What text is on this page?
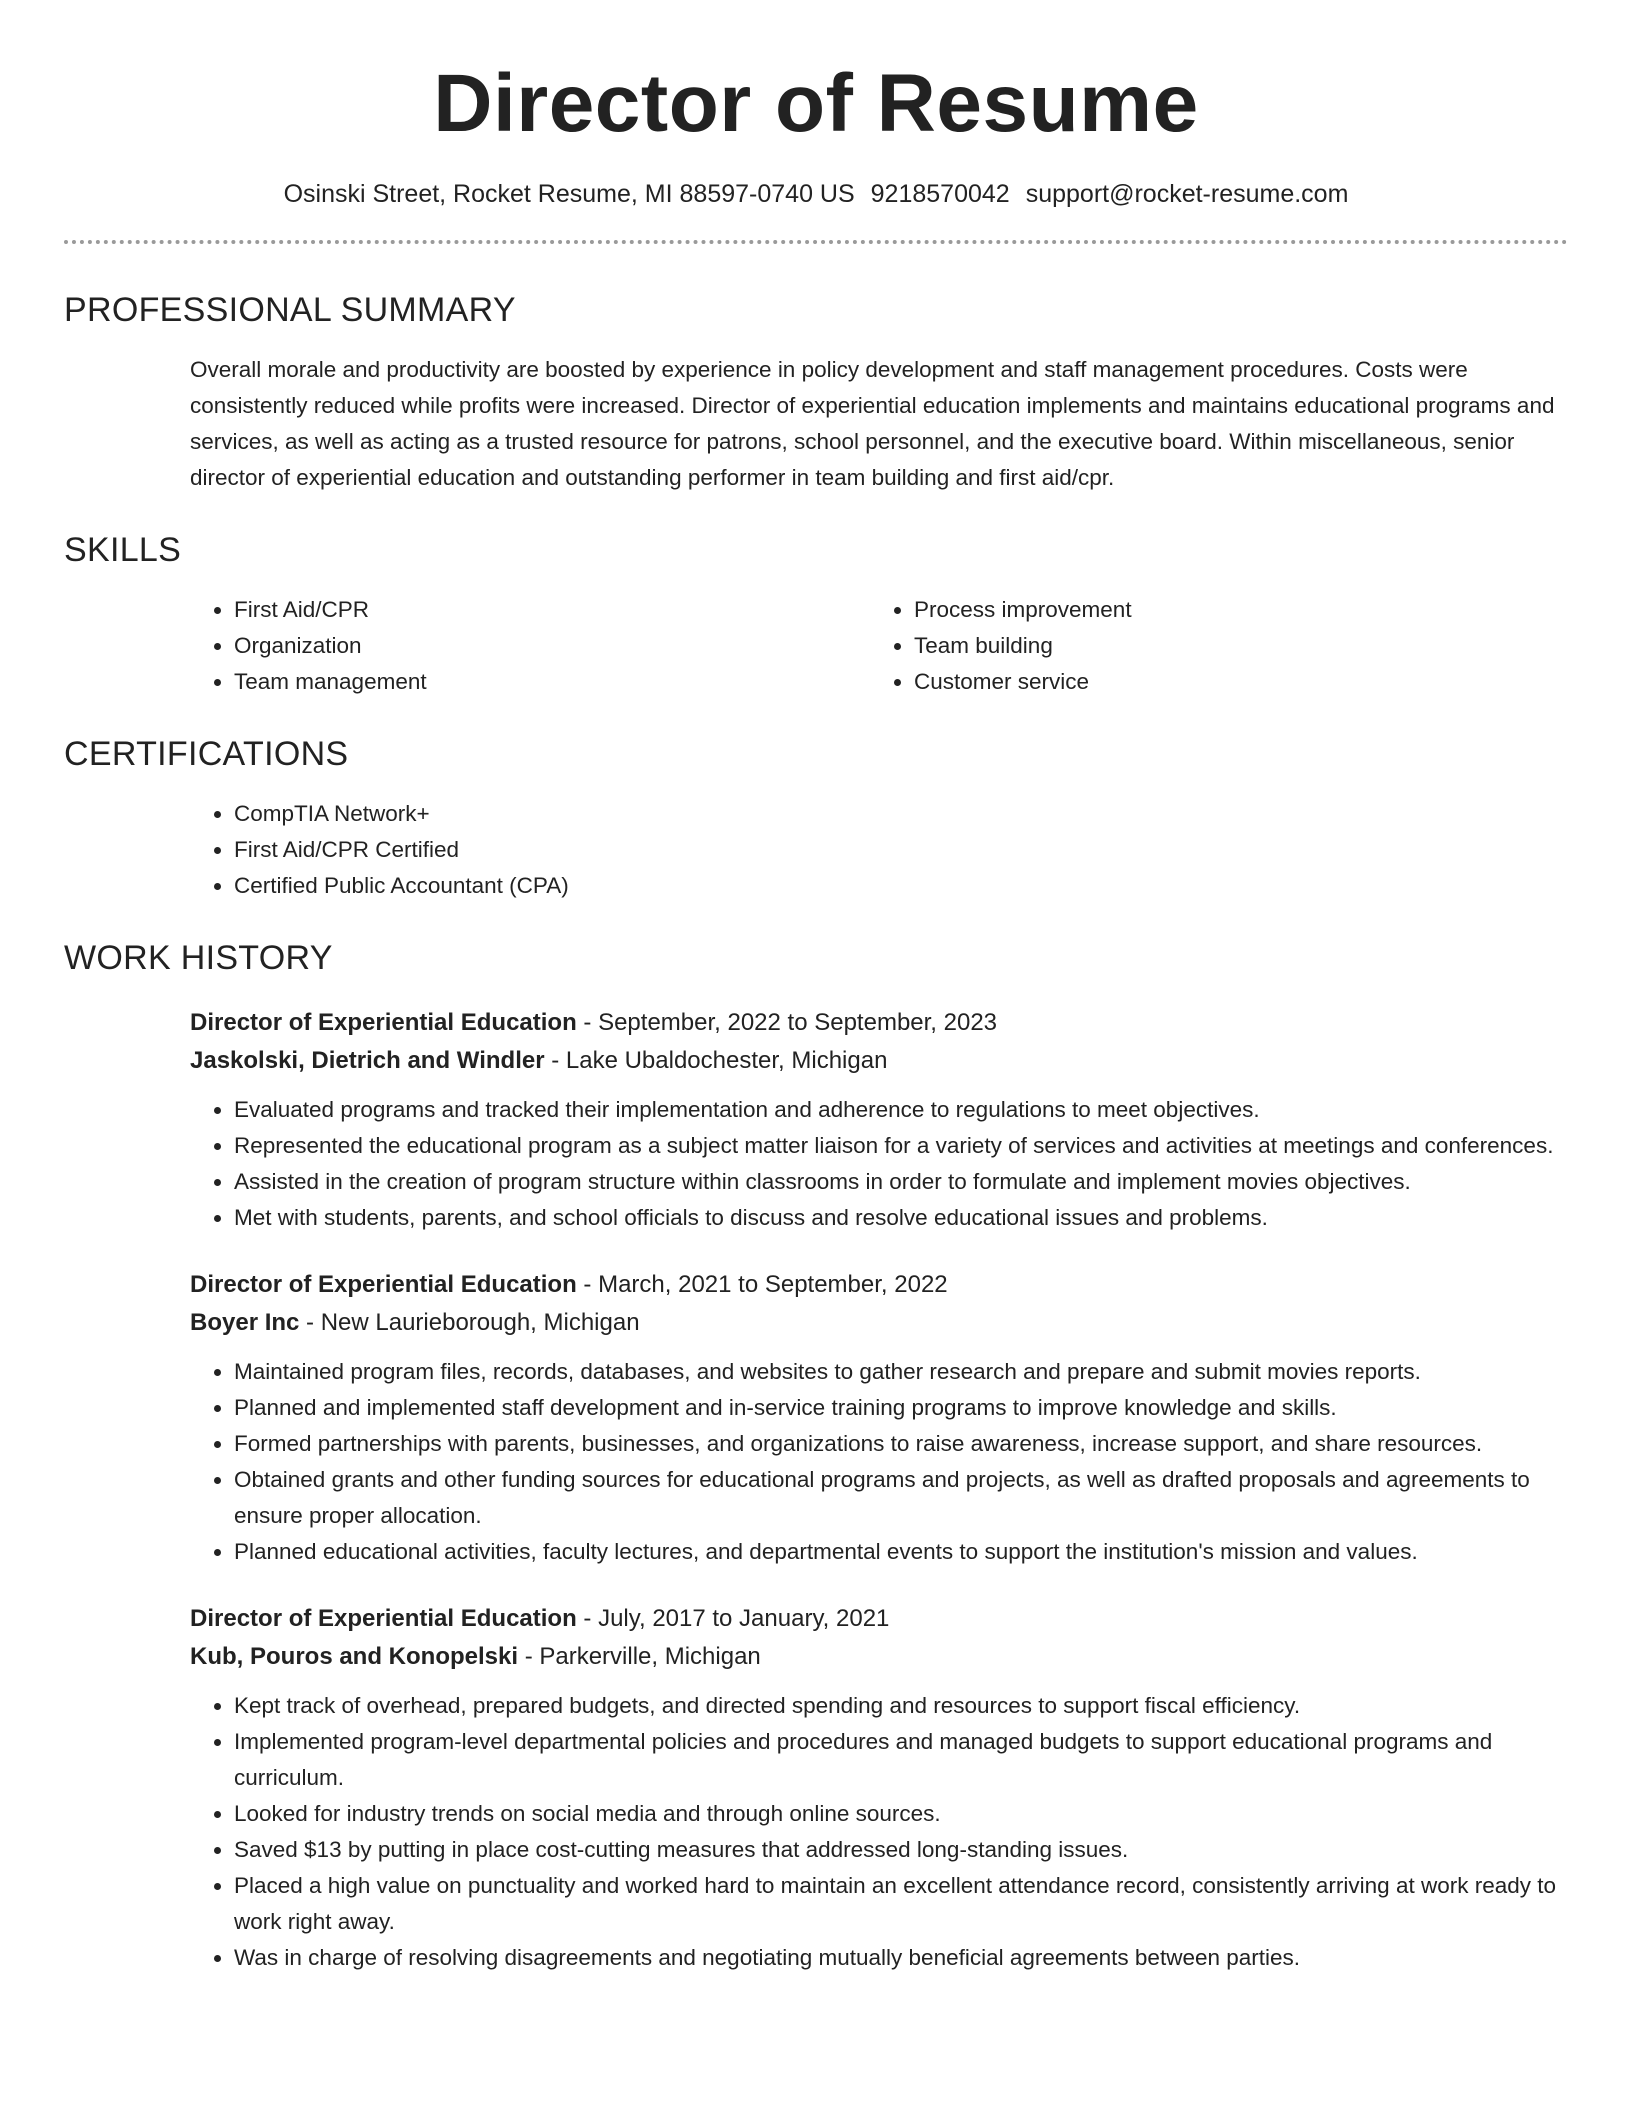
Director of Resume
Osinski Street, Rocket Resume, MI 88597-0740 US 9218570042 support@rocket-resume.com
PROFESSIONAL SUMMARY
Overall morale and productivity are boosted by experience in policy development and staff management procedures. Costs were consistently reduced while profits were increased. Director of experiential education implements and maintains educational programs and services, as well as acting as a trusted resource for patrons, school personnel, and the executive board. Within miscellaneous, senior director of experiential education and outstanding performer in team building and first aid/cpr.
SKILLS
• First Aid/CPR
• Organization
• Team management
• Process improvement
• Team building
• Customer service
CERTIFICATIONS
• CompTIA Network+
• First Aid/CPR Certified
• Certified Public Accountant (CPA)
WORK HISTORY
Director of Experiential Education - September, 2022 to September, 2023
Jaskolski, Dietrich and Windler - Lake Ubaldochester, Michigan
• Evaluated programs and tracked their implementation and adherence to regulations to meet objectives.
• Represented the educational program as a subject matter liaison for a variety of services and activities at meetings and conferences.
• Assisted in the creation of program structure within classrooms in order to formulate and implement movies objectives.
• Met with students, parents, and school officials to discuss and resolve educational issues and problems.
Director of Experiential Education - March, 2021 to September, 2022
Boyer Inc - New Laurieborough, Michigan
• Maintained program files, records, databases, and websites to gather research and prepare and submit movies reports.
• Planned and implemented staff development and in-service training programs to improve knowledge and skills.
• Formed partnerships with parents, businesses, and organizations to raise awareness, increase support, and share resources.
• Obtained grants and other funding sources for educational programs and projects, as well as drafted proposals and agreements to ensure proper allocation.
• Planned educational activities, faculty lectures, and departmental events to support the institution's mission and values.
Director of Experiential Education - July, 2017 to January, 2021
Kub, Pouros and Konopelski - Parkerville, Michigan
• Kept track of overhead, prepared budgets, and directed spending and resources to support fiscal efficiency.
• Implemented program-level departmental policies and procedures and managed budgets to support educational programs and curriculum.
• Looked for industry trends on social media and through online sources.
• Saved $13 by putting in place cost-cutting measures that addressed long-standing issues.
• Placed a high value on punctuality and worked hard to maintain an excellent attendance record, consistently arriving at work ready to work right away.
• Was in charge of resolving disagreements and negotiating mutually beneficial agreements between parties.
